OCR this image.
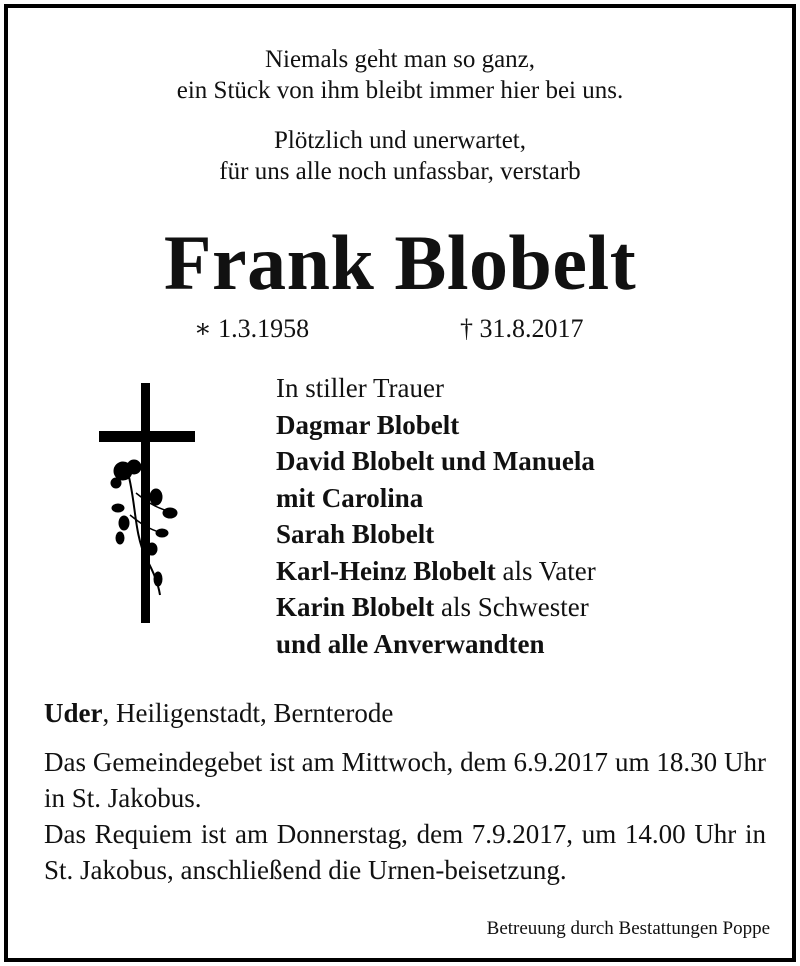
Niemals geht man so ganz,
ein Stück von ihm bleibt immer hier bei uns.
Plötzlich und unerwartet,
für uns alle noch unfassbar, verstarb
Frank Blobelt
∗ 1.3.1958	† 31.8.2017
In stiller Trauer
Dagmar Blobelt
David Blobelt und Manuela
mit Carolina
Sarah Blobelt
Karl-Heinz Blobelt als Vater
Karin Blobelt als Schwester
und alle Anverwandten
Uder, Heiligenstadt, Bernterode
Das Gemeindegebet ist am Mittwoch, dem 6.9.2017 um 18.30 Uhr in St. Jakobus.
Das Requiem ist am Donnerstag, dem 7.9.2017, um 14.00 Uhr in St. Jakobus, anschließend die Urnen-beisetzung.
Betreuung durch Bestattungen Poppe
